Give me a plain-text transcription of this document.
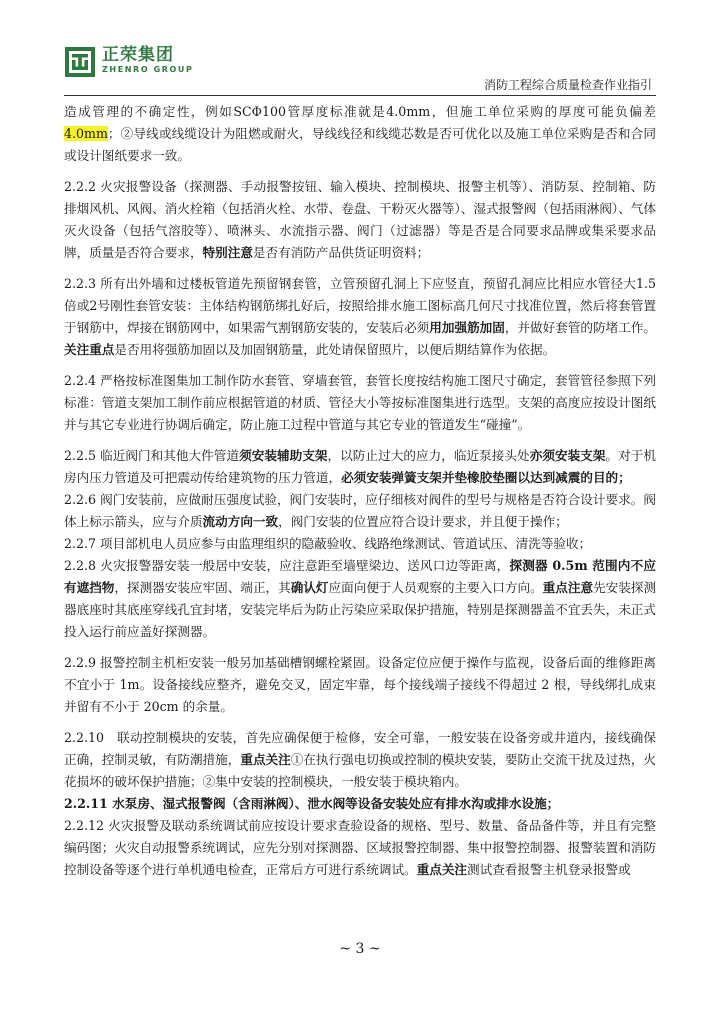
正荣集团
ZHENRO GROUP
消防工程综合质量检查作业指引

造成管理的不确定性，例如SCΦ100管厚度标准就是4.0mm，但施工单位采购的厚度可能负偏差4.0mm；②导线或线缆设计为阻燃或耐火，导线线径和线缆芯数是否可优化以及施工单位采购是否和合同或设计图纸要求一致。

2.2.2 火灾报警设备（探测器、手动报警按钮、输入模块、控制模块、报警主机等）、消防泵、控制箱、防排烟风机、风阀、消火栓箱（包括消火栓、水带、卷盘、干粉灭火器等）、湿式报警阀（包括雨淋阀）、气体灭火设备（包括气溶胶等）、喷淋头、水流指示器、阀门（过滤器）等是否是合同要求品牌或集采要求品牌，质量是否符合要求，特别注意是否有消防产品供货证明资料；

2.2.3 所有出外墙和过楼板管道先预留钢套管，立管预留孔洞上下应竖直，预留孔洞应比相应水管径大1.5倍或2号刚性套管安装：主体结构钢筋绑扎好后，按照给排水施工图标高几何尺寸找准位置，然后将套管置于钢筋中，焊接在钢筋网中，如果需气割钢筋安装的，安装后必须用加强筋加固，并做好套管的防堵工作。关注重点是否用将强筋加固以及加固钢筋量，此处请保留照片，以便后期结算作为依据。

2.2.4 严格按标准图集加工制作防水套管、穿墙套管，套管长度按结构施工图尺寸确定，套管管径参照下列标准：管道支架加工制作前应根据管道的材质、管径大小等按标准图集进行选型。支架的高度应按设计图纸并与其它专业进行协调后确定，防止施工过程中管道与其它专业的管道发生“碰撞”。

2.2.5 临近阀门和其他大件管道须安装辅助支架，以防止过大的应力，临近泵接头处亦须安装支架。对于机房内压力管道及可把震动传给建筑物的压力管道，必须安装弹簧支架并垫橡胶垫圈以达到减震的目的；

2.2.6 阀门安装前，应做耐压强度试验，阀门安装时，应仔细核对阀件的型号与规格是否符合设计要求。阀体上标示箭头，应与介质流动方向一致，阀门安装的位置应符合设计要求，并且便于操作；

2.2.7 项目部机电人员应参与由监理组织的隐蔽验收、线路绝缘测试、管道试压、清洗等验收；

2.2.8 火灾报警器安装一般居中安装，应注意距至墙壁梁边、送风口边等距离，探测器 0.5m 范围内不应有遮挡物，探测器安装应牢固、端正，其确认灯应面向便于人员观察的主要入口方向。重点注意先安装探测器底座时其底座穿线孔宜封堵，安装完毕后为防止污染应采取保护措施，特别是探测器盖不宜丢失，未正式投入运行前应盖好探测器。

2.2.9 报警控制主机柜安装一般另加基础槽钢螺栓紧固。设备定位应便于操作与监视，设备后面的维修距离不宜小于 1m。设备接线应整齐，避免交叉，固定牢靠，每个接线端子接线不得超过 2 根，导线绑扎成束并留有不小于 20cm 的余量。

2.2.10　联动控制模块的安装，首先应确保便于检修，安全可靠，一般安装在设备旁或井道内，接线确保正确，控制灵敏，有防潮措施，重点关注①在执行强电切换或控制的模块安装，要防止交流干扰及过热，火花损坏的破坏保护措施；②集中安装的控制模块，一般安装于模块箱内。

2.2.11 水泵房、湿式报警阀（含雨淋阀）、泄水阀等设备安装处应有排水沟或排水设施；

2.2.12 火灾报警及联动系统调试前应按设计要求查验设备的规格、型号、数量、备品备件等，并且有完整编码图；火灾自动报警系统调试，应先分别对探测器、区域报警控制器、集中报警控制器、报警装置和消防控制设备等逐个进行单机通电检查，正常后方可进行系统调试。重点关注测试查看报警主机登录报警或

~ 3 ~
